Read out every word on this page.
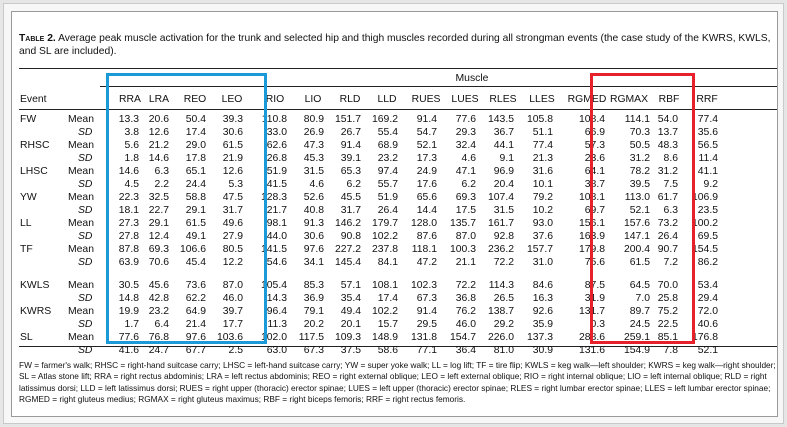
Table 2. Average peak muscle activation for the trunk and selected hip and thigh muscles recorded during all strongman events (the case study of the KWRS, KWLS, and SL are included).
Muscle
Event	RRA LRA	REO	LEO	RIO	LIO	RLD	LLD	RUES	LUES	RLES	LLES	RGMED RGMAX	RBF	RRF
FW	Mean	13.3 20.6	50.4	39.3	110.8	80.9	151.7	169.2	91.4	77.6	143.5	105.8	108.4	114.1 54.0	77.4
SD	3.8 12.6	17.4	30.6	33.0	26.9	26.7	55.4	54.7	29.3	36.7	51.1	66.9	70.3 13.7	35.6
RHSC Mean	5.6 21.2	29.0	61.5	62.6	47.3	91.4	68.9	52.1	32.4	44.1	77.4	57.3	50.5 48.3	56.5
SD	1.8 14.6	17.8	21.9	26.8	45.3	39.1	23.2	17.3	4.6	9.1	21.3	23.6	31.2	8.6	11.4
LHSC Mean	14.6	6.3	65.1	12.6	51.9	31.5	65.3	97.4	24.9	47.1	96.9	31.6	64.1	78.2 31.2	41.1
SD	4.5	2.2	24.4	5.3	41.5	4.6	6.2	55.7	17.6	6.2	20.4	10.1	38.7	39.5	7.5	9.2
YW	Mean	22.3 32.5	58.8	47.5	128.3	52.6	45.5	51.9	65.6	69.3	107.4	79.2	108.1	113.0 61.7	106.9
SD	18.1 22.7	29.1	31.7	21.7	40.8	31.7	26.4	14.4	17.5	31.5	10.2	69.7	52.1	6.3	23.5
LL	Mean	27.3 29.1	61.5	49.6	98.1	91.3	146.2	179.7	128.0	135.7	161.7	93.0	156.1	157.6 73.2	100.2
SD	27.8 12.4	49.1	27.9	44.0	30.6	90.8	102.2	87.6	87.0	92.8	37.6	163.9	147.1 26.4	69.5
TF	Mean	87.8 69.3	106.6	80.5	141.5	97.6	227.2	237.8	118.1	100.3	236.2	157.7	179.8	200.4 90.7	154.5
SD	63.9 70.6	45.4	12.2	54.6	34.1	145.4	84.1	47.2	21.1	72.2	31.0	75.6	61.5	7.2	86.2
KWLS Mean	30.5 45.6	73.6	87.0	105.4	85.3	57.1	108.1	102.3	72.2	114.3	84.6	87.5	64.5 70.0	53.4
SD	14.8 42.8	62.2	46.0	14.3	36.9	35.4	17.4	67.3	36.8	26.5	16.3	31.9	7.0 25.8	29.4
KWRS Mean	19.9 23.2	64.9	39.7	96.4	79.1	49.4	102.2	91.4	76.2	138.7	92.6	131.7	89.7 75.2	72.0
SD	1.7	6.4	21.4	17.7	11.3	20.2	20.1	15.7	29.5	46.0	29.2	35.9	0.3	24.5 22.5	40.6
SL	Mean	77.6 76.8	97.6	103.6	102.0	117.5	109.3	148.9	131.8	154.7	226.0	137.3	288.6	259.1 85.1	176.8
SD	41.6 24.7	67.7	2.5	63.0	67.3	37.5	58.6	77.1	36.4	81.0	30.9	131.6	154.9	7.8	52.1
FW = farmer's walk; RHSC = right-hand suitcase carry; LHSC = left-hand suitcase carry; YW = super yoke walk; LL = log lift; TF = tire flip; KWLS = keg walk—left shoulder; KWRS = keg walk—right shoulder; SL = Atlas stone lift; RRA = right rectus abdominis; LRA = left rectus abdominis; REO = right external oblique; LEO = left external oblique; RIO = right internal oblique; LIO = left internal oblique; RLD = right latissimus dorsi; LLD = left latissimus dorsi; RUES = right upper (thoracic) erector spinae; LUES = left upper (thoracic) erector spinae; RLES = right lumbar erector spinae; LLES = left lumbar erector spinae; RGMED = right gluteus medius; RGMAX = right gluteus maximus; RBF = right biceps femoris; RRF = right rectus femoris.
